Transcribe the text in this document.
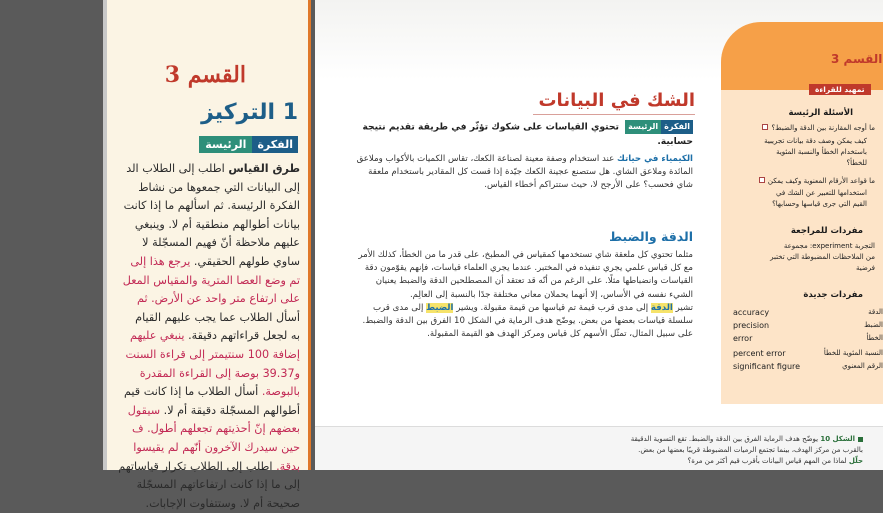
القسم 3
1 التركيز
الفكرة
الرئيسة
طرق القياس اطلب إلى الطلاب الد
إلى البيانات التي جمعوها من نشاط
الفكرة الرئيسة. ثم اسألهم ما إذا كانت
بيانات أطوالهم منطقية أم لا. وينبغي
عليهم ملاحظة أنّ فهيم المسجّلة لا
ساوي طولهم الحقيقي. يرجع هذا إلى
تم وضع العصا المترية والمقياس المعل
على ارتفاع متر واحد عن الأرض. ثم
أسأل الطلاب عما يجب عليهم القيام
به لجعل قراءاتهم دقيقة. ينبغي عليهم
إضافة 100 سنتيمتر إلى قراءة السنت
و39.37 بوصة إلى القراءة المقدرة
بالبوصة. أسأل الطلاب ما إذا كانت قيم
أطوالهم المسجّلة دقيقة أم لا. سيقول
بعضهم إنّ أحذيتهم تجعلهم أطول. ف
حين سيدرك الآخرون أنّهم لم يقيسوا
بدقة. اطلب إلى الطلاب تكرار قياساتهم
إلى ما إذا كانت ارتفاعاتهم المسجّلة
صحيحة أم لا. وستتفاوت الإجابات.
الشك في البيانات
الفكرة
الرئيسة
تحتوي القياسات على شكوك تؤثّر في طريقة تقديم نتيجة حسابية.
الكيمياء في حياتك عند استخدام وصفة معينة لصناعة الكعك، تقاس الكميات بالأكواب وملاعق المائدة وملاعق الشاي. هل ستصنع عجينة الكعك جيّدة إذا قست كل المقادير باستخدام ملعقة شاي فحسب؟ على الأرجح لا، حيث ستتراكم أخطاء القياس.
الدقة والضبط
مثلما تحتوي كل ملعقة شاي تستخدمها كمقياس في المطبخ، على قدر ما من الخطأ، كذلك الأمر مع كل قياس علمي يجري تنفيذه في المختبر. عندما يجري العلماء قياسات، فإنهم يقوّمون دقة القياسات وانضباطها مثلًا. على الرغم من أنّه قد تعتقد أن المصطلحين الدقة والضبط يعنيان الشيء نفسه في الأساس، إلا أنهما يحملان معاني مختلفة جدًا بالنسبة إلى العالِم.
تشير الدقة إلى مدى قرب قيمة تم قياسها من قيمة مقبولة. ويشير الضبط إلى مدى قرب سلسلة قياسات بعضها من بعض. يوضّح هدف الرماية في الشكل 10 الفرق بين الدقة والضبط. على سبيل المثال، تمثّل الأسهم كل قياس ومركز الهدف هو القيمة المقبولة.
القسم 3
تمهيد للقراءة
الأسئلة الرئيسة
ما أوجه المقارنة بين الدقة والضبط؟
كيف يمكن وصف دقة بيانات تجريبية
باستخدام الخطأ والنسبة المئوية
للخطأ؟
ما قواعد الأرقام المعنوية وكيف يمكن
استخدامها للتعبير عن الشك في
القيم التي جرى قياسها وحسابها؟
مفردات للمراجعة
التجربة experiment: مجموعة
من الملاحظات المضبوطة التي تختبر
فرضية
مفردات جديدة
accuracy	الدقة
precision	الضبط
error	الخطأ
percent error	النسبة المئوية للخطأ
significant figure	الرقم المعنوي
الشكل 10 يوضّح هدف الرماية الفرق بين الدقة والضبط. تقع التسوية الدقيقة
بالقرب من مركز الهدف، بينما تجتمع الرميات المضبوطة قريبًا بعضها من بعض.
حلّل لماذا من المهم قياس البيانات بأقرب قيم أكثر من مرة؟
